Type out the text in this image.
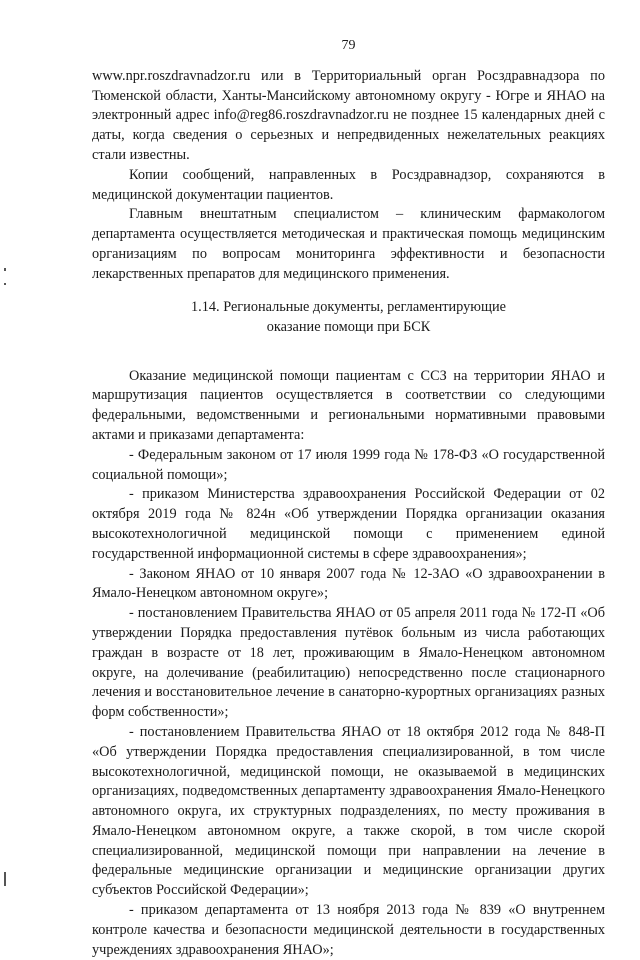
79

www.npr.roszdravnadzor.ru или в Территориальный орган Росздравнадзора по Тюменской области, Ханты-Мансийскому автономному округу - Югре и ЯНАО на электронный адрес info@reg86.roszdravnadzor.ru не позднее 15 календарных дней с даты, когда сведения о серьезных и непредвиденных нежелательных реакциях стали известны.

Копии сообщений, направленных в Росздравнадзор, сохраняются в медицинской документации пациентов.

Главным внештатным специалистом – клиническим фармакологом департамента осуществляется методическая и практическая помощь медицинским организациям по вопросам мониторинга эффективности и безопасности лекарственных препаратов для медицинского применения.

1.14. Региональные документы, регламентирующие
оказание помощи при БСК

Оказание медицинской помощи пациентам с ССЗ на территории ЯНАО и маршрутизация пациентов осуществляется в соответствии со следующими федеральными, ведомственными и региональными нормативными правовыми актами и приказами департамента:

- Федеральным законом от 17 июля 1999 года № 178-ФЗ «О государственной социальной помощи»;

- приказом Министерства здравоохранения Российской Федерации от 02 октября 2019 года № 824н «Об утверждении Порядка организации оказания высокотехнологичной медицинской помощи с применением единой государственной информационной системы в сфере здравоохранения»;

- Законом ЯНАО от 10 января 2007 года № 12-ЗАО «О здравоохранении в Ямало-Ненецком автономном округе»;

- постановлением Правительства ЯНАО от 05 апреля 2011 года № 172-П «Об утверждении Порядка предоставления путёвок больным из числа работающих граждан в возрасте от 18 лет, проживающим в Ямало-Ненецком автономном округе, на долечивание (реабилитацию) непосредственно после стационарного лечения и восстановительное лечение в санаторно-курортных организациях разных форм собственности»;

- постановлением Правительства ЯНАО от 18 октября 2012 года № 848-П «Об утверждении Порядка предоставления специализированной, в том числе высокотехнологичной, медицинской помощи, не оказываемой в медицинских организациях, подведомственных департаменту здравоохранения Ямало-Ненецкого автономного округа, их структурных подразделениях, по месту проживания в Ямало-Ненецком автономном округе, а также скорой, в том числе скорой специализированной, медицинской помощи при направлении на лечение в федеральные медицинские организации и медицинские организации других субъектов Российской Федерации»;

- приказом департамента от 13 ноября 2013 года № 839 «О внутреннем контроле качества и безопасности медицинской деятельности в государственных учреждениях здравоохранения ЯНАО»;
